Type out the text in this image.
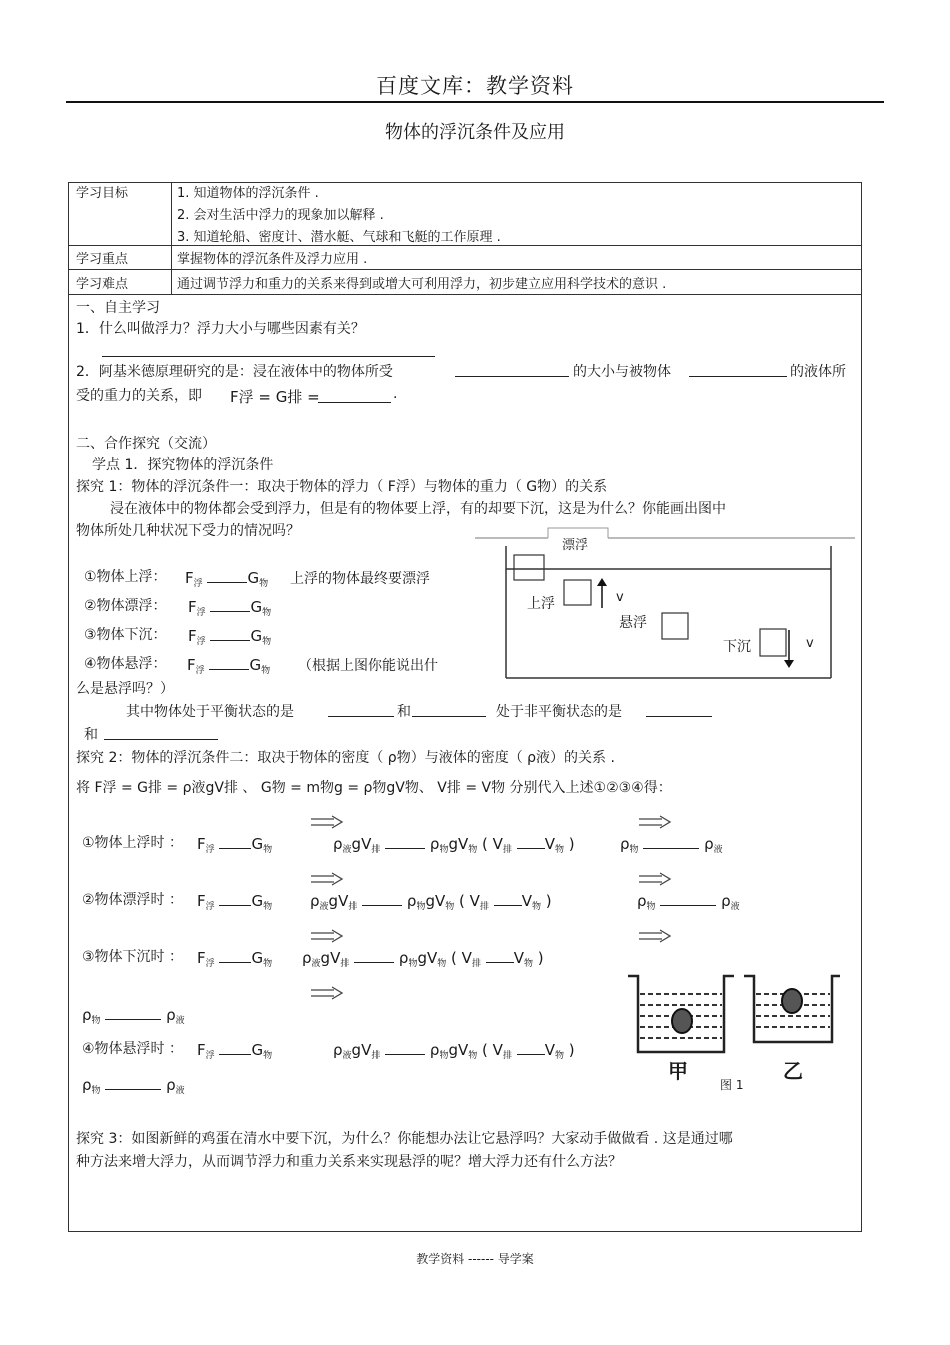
百度文库：教学资料
物体的浮沉条件及应用
学习目标	1. 知道物体的浮沉条件 .
2. 会对生活中浮力的现象加以解释 .
3. 知道轮船、密度计、潜水艇、气球和飞艇的工作原理 .
学习重点	掌握物体的浮沉条件及浮力应用 .
学习难点	通过调节浮力和重力的关系来得到或增大可利用浮力，初步建立应用科学技术的意识 .
一、自主学习
1．什么叫做浮力？浮力大小与哪些因素有关？
2．阿基米德原理研究的是：浸在液体中的物体所受	的大小与被物体	的液体所
受的重力的关系，即 F浮 = G排 =	.
二、合作探究（交流）
学点 1．探究物体的浮沉条件
探究 1：物体的浮沉条件一：取决于物体的浮力（ F浮）与物体的重力（ G物）的关系
浸在液体中的物体都会受到浮力，但是有的物体要上浮，有的却要下沉，这是为什么？你能画出图中
物体所处几种状况下受力的情况吗？
漂浮
上浮	v
悬浮
下沉	v
①物体上浮： $F_浮$	$G_物$ 上浮的物体最终要漂浮
②物体漂浮： $F_浮$	$G_物$
③物体下沉： $F_浮$	$G_物$
④物体悬浮： $F_浮$	$G_物$ （根据上图你能说出什
么是悬浮吗？）
其中物体处于平衡状态的是	和	处于非平衡状态的是
和
探究 2：物体的浮沉条件二：取决于物体的密度（ ρ物）与液体的密度（ ρ液）的关系 .
将 F浮 = G排 = ρ液gV排 、 G物 = m物g = ρ物gV物、 V排 = V物 分别代入上述①②③④得：
①物体上浮时 ： $F_浮$ $G_物$	$\rho_液gV_排$	$\rho_物gV_物$ ( $V_排$ $V_物$ )	$\rho_物$	$\rho_液$
②物体漂浮时 ： $F_浮$ $G_物$	$\rho_液gV_排$	$\rho_物gV_物$ ( $V_排$ $V_物$ )	$\rho_物$	$\rho_液$
③物体下沉时 ： $F_浮$ $G_物$ $\rho_液gV_排$	$\rho_物gV_物$ ( $V_排$ $V_物$ )
$\rho_物$	$\rho_液$
④物体悬浮时 ： $F_浮$ $G_物$	$\rho_液gV_排$	$\rho_物gV_物$ ( $V_排$ $V_物$ )
$\rho_物$	$\rho_液$
甲
图 1
乙
探究 3：如图新鲜的鸡蛋在清水中要下沉，为什么？你能想办法让它悬浮吗？大家动手做做看 . 这是通过哪
种方法来增大浮力，从而调节浮力和重力关系来实现悬浮的呢？增大浮力还有什么方法？
教学资料 ------ 导学案
